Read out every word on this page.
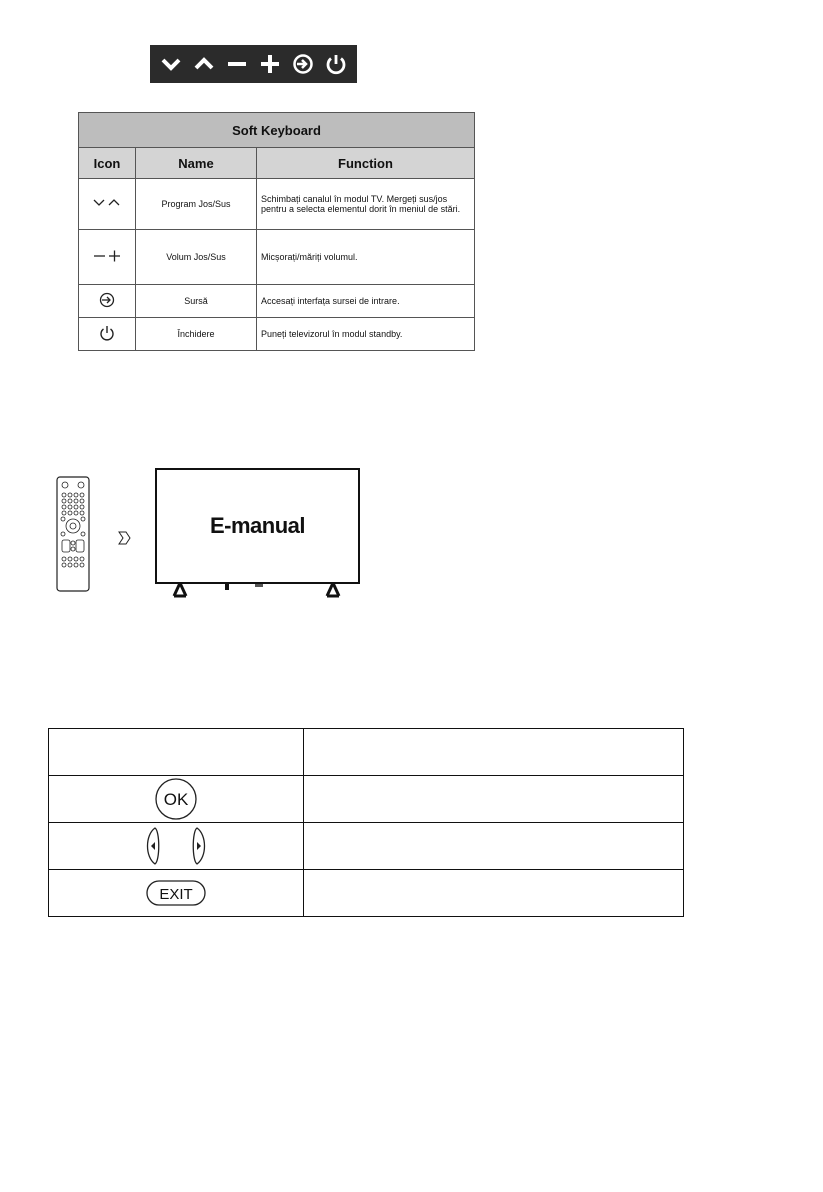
Soft Keyboard		
Icon	Name	Function
	Program Jos/Sus	Schimbați canalul în modul TV. Mergeți sus/jos pentru a selecta elementul dorit în meniul de stări.
	Volum Jos/Sus	Micșorați/măriți volumul.
	Sursă	Accesați interfața sursei de intrare.
	Închidere	Puneți televizorul în modul standby.
E-manual

OK	

EXIT	
